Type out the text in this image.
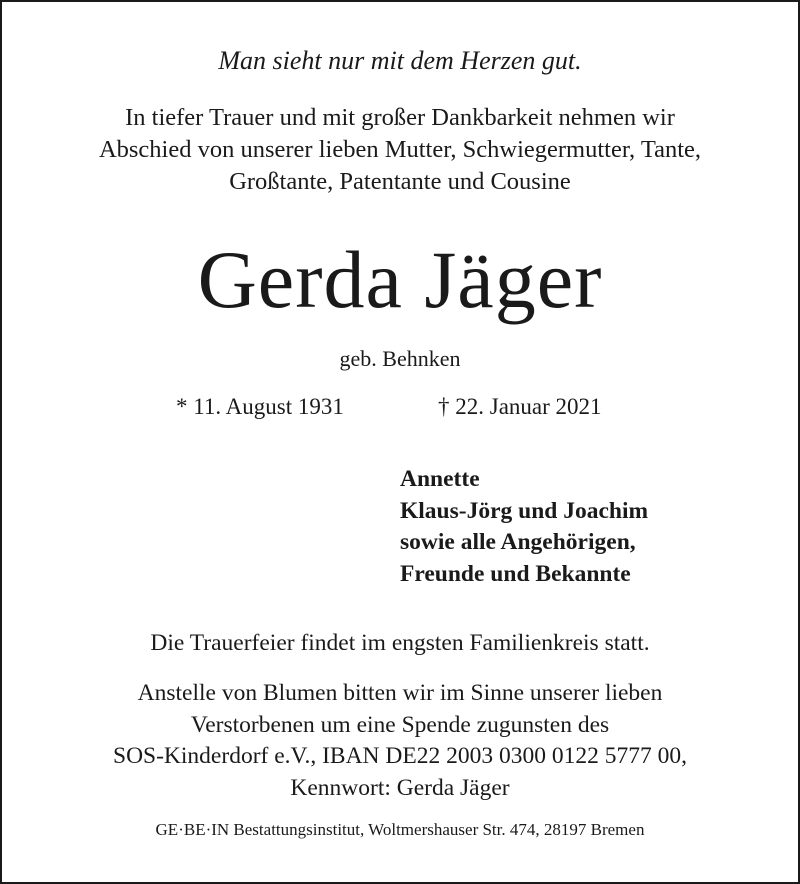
Man sieht nur mit dem Herzen gut.
In tiefer Trauer und mit großer Dankbarkeit nehmen wir
Abschied von unserer lieben Mutter, Schwiegermutter, Tante,
Großtante, Patentante und Cousine
Gerda Jäger
geb. Behnken
* 11. August 1931	† 22. Januar 2021
Annette
Klaus-Jörg und Joachim
sowie alle Angehörigen,
Freunde und Bekannte
Die Trauerfeier findet im engsten Familienkreis statt.
Anstelle von Blumen bitten wir im Sinne unserer lieben
Verstorbenen um eine Spende zugunsten des
SOS-Kinderdorf e.V., IBAN DE22 2003 0300 0122 5777 00,
Kennwort: Gerda Jäger
GE·BE·IN Bestattungsinstitut, Woltmershauser Str. 474, 28197 Bremen
